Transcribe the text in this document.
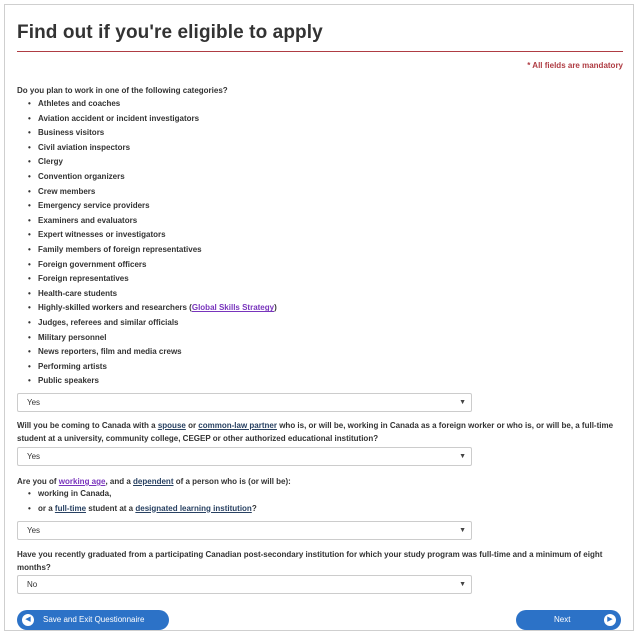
Find out if you're eligible to apply
* All fields are mandatory
Do you plan to work in one of the following categories?
• Athletes and coaches
• Aviation accident or incident investigators
• Business visitors
• Civil aviation inspectors
• Clergy
• Convention organizers
• Crew members
• Emergency service providers
• Examiners and evaluators
• Expert witnesses or investigators
• Family members of foreign representatives
• Foreign government officers
• Foreign representatives
• Health-care students
• Highly-skilled workers and researchers (Global Skills Strategy)
• Judges, referees and similar officials
• Military personnel
• News reporters, film and media crews
• Performing artists
• Public speakers
Yes	▼
Will you be coming to Canada with a spouse or common-law partner who is, or will be, working in Canada as a foreign worker or who is, or will be, a full-time student at a university, community college, CEGEP or other authorized educational institution?
Yes	▼
Are you of working age, and a dependent of a person who is (or will be):
• working in Canada,
• or a full-time student at a designated learning institution?
Yes	▼
Have you recently graduated from a participating Canadian post-secondary institution for which your study program was full-time and a minimum of eight months?
No	▼
◀	Save and Exit Questionnaire	Next	▶
